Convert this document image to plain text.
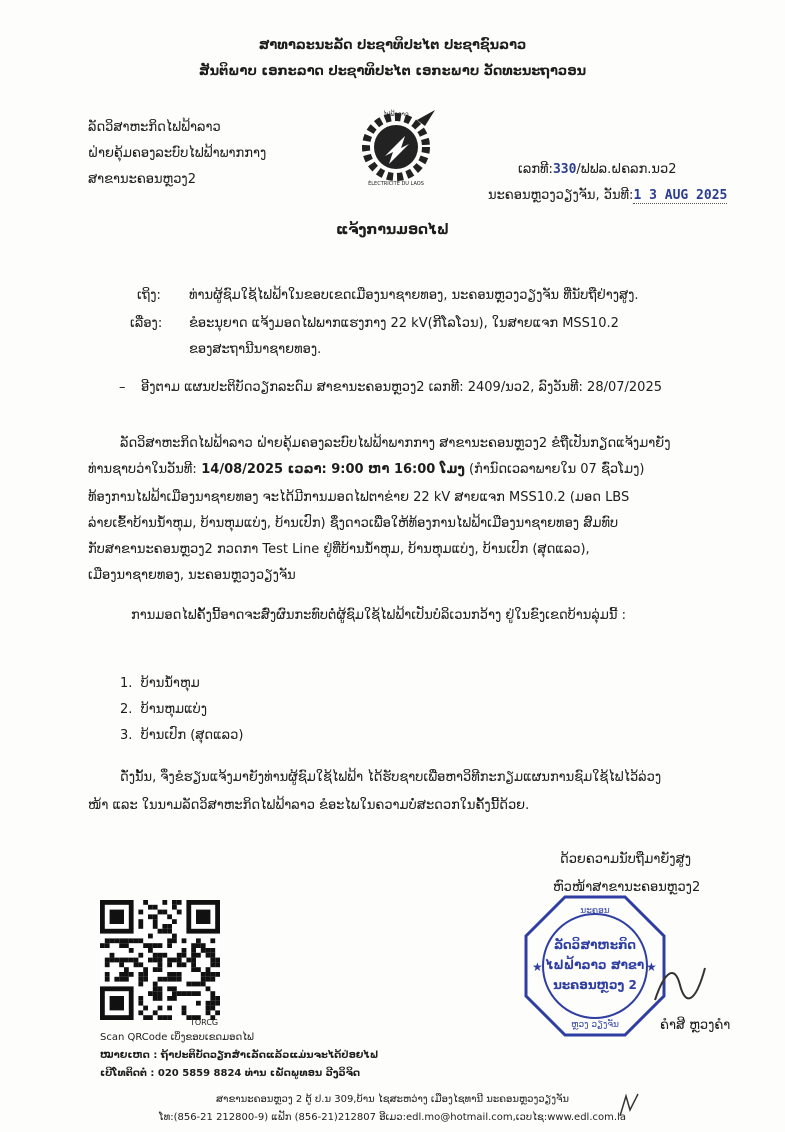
ສາທາລະນະລັດ ປະຊາທິປະໄຕ ປະຊາຊົນລາວ
ສັນຕິພາບ ເອກະລາດ ປະຊາທິປະໄຕ ເອກະພາບ ວັດທະນະຖາວອນ
ລັດວິສາຫະກິດໄຟຟ້າລາວ
ຝ່າຍຄຸ້ມຄອງລະບົບໄຟຟ້າພາກກາງ
ສາຂານະຄອນຫຼວງ2
ໄຟຟ້າລາວ
ÉLECTRICITÉ DU LAOS
ເລກທີ:330/ຟຟລ.ຝຄລກ.ນວ2
ນະຄອນຫຼວງວຽງຈັນ, ວັນທີ:1 3 AUG 2025
ແຈ້ງການມອດໄຟ
ເຖິງ: ທ່ານຜູ້ຊົມໃຊ້ໄຟຟ້າໃນຂອບເຂດເມືອງນາຊາຍທອງ, ນະຄອນຫຼວງວຽງຈັນ ທີ່ນັບຖືຢ່າງສູງ.
ເລື່ອງ: ຂໍອະນຸຍາດ ແຈ້ງມອດໄຟພາກແຮງກາງ 22 kV(ກີໂລໂວນ), ໃນສາຍແຈກ MSS10.2
ຂອງສະຖານີນາຊາຍທອງ.
– ອີງຕາມ ແຜນປະຕິບັດວຽກລະດົມ ສາຂານະຄອນຫຼວງ2 ເລກທີ: 2409/ນວ2, ລົງວັນທີ: 28/07/2025
ລັດວິສາຫະກິດໄຟຟ້າລາວ ຝ່າຍຄຸ້ມຄອງລະບົບໄຟຟ້າພາກກາງ ສາຂານະຄອນຫຼວງ2 ຂໍຖືເປັນກຽດແຈ້ງມາຍັງ
ທ່ານຊາບວ່າໃນວັນທີ: 14/08/2025 ເວລາ: 9:00 ຫາ 16:00 ໂມງ (ກຳນົດເວລາພາຍໃນ 07 ຊົ່ວໂມງ)
ທ້ອງການໄຟຟ້າເມືອງນາຊາຍທອງ ຈະໄດ້ມີການມອດໄຟຕາຂ່າຍ 22 kV ສາຍແຈກ MSS10.2 (ມອດ LBS
ລ່າຍເຂົ້າບ້ານນ້ຳຫຸມ, ບ້ານຫຸມແບ່ງ, ບ້ານເປົກ) ຊຶ່ງດາວເພື່ອໃຫ້ທ້ອງການໄຟຟ້າເມືອງນາຊາຍທອງ ສົມທົບ
ກັບສາຂານະຄອນຫຼວງ2 ກວດກາ Test Line ຢູ່ທີ່ບ້ານນ້ຳຫຸມ, ບ້ານຫຸມແບ່ງ, ບ້ານເປົກ (ສຸດແລວ),
ເມືອງນາຊາຍທອງ, ນະຄອນຫຼວງວຽງຈັນ
ການມອດໄຟຄັ້ງນີ້ອາດຈະສົ່ງຜົນກະທົບຕໍ່ຜູ້ຊົມໃຊ້ໄຟຟ້າເປັນບໍລິເວນກວ້າງ ຢູ່ໃນຂົງເຂດບ້ານລຸ່ມນີ້ :
1. ບ້ານນ້ຳຫຸມ
2. ບ້ານຫຸມແບ່ງ
3. ບ້ານເປົກ (ສຸດແລວ)
ດັ່ງນັ້ນ, ຈຶ່ງຂໍຮຽນແຈ້ງມາຍັງທ່ານຜູ້ຊົມໃຊ້ໄຟຟ້າ ໄດ້ຮັບຊາບເພື່ອຫາວິທີກະກຽມແຜນການຊົມໃຊ້ໄຟໄວ້ລ່ວງ
ໜ້າ ແລະ ໃນນາມລັດວິສາຫະກິດໄຟຟ້າລາວ ຂໍອະໄພໃນຄວາມບໍ່ສະດວກໃນຄັ້ງນີ້ດ້ວຍ.
ດ້ວຍຄວາມນັບຖືມາຍັງສູງ
ຫົວໜ້າສາຂານະຄອນຫຼວງ2
ນະຄອນ
ລັດວິສາຫະກິດ
ໄຟຟ້າລາວ ສາຂາ
ນະຄອນຫຼວງ 2
ຫຼວງ ວຽງຈັນ
★	★
ຄຳສີ ຫຼວງຄຳ
TORCG
Scan QRCode ເບິ່ງຂອບເຂດມອດໄຟ
ໝາຍເຫດ : ຖ້າປະຕິບັດວຽກສຳເລັດແລ້ວແມ່ນຈະໄດ້ປ່ອຍໄຟ
ເບີໂທຕິດຕໍ່ : 020 5859 8824 ທ່ານ ເພັດພູທອນ ວີງວິຈິດ
ສາຂານະຄອນຫຼວງ 2 ຕູ້ ປ.ນ 309,ບ້ານ ໄຊສະຫວ່າງ ເມືອງໄຊທານີ ນະຄອນຫຼວງວຽງຈັນ
ໂທ:(856-21 212800-9) ແຟັກ (856-21)212807 ອີເມວ:edl.mo@hotmail.com,ເວບໄຊ:www.edl.com.la
